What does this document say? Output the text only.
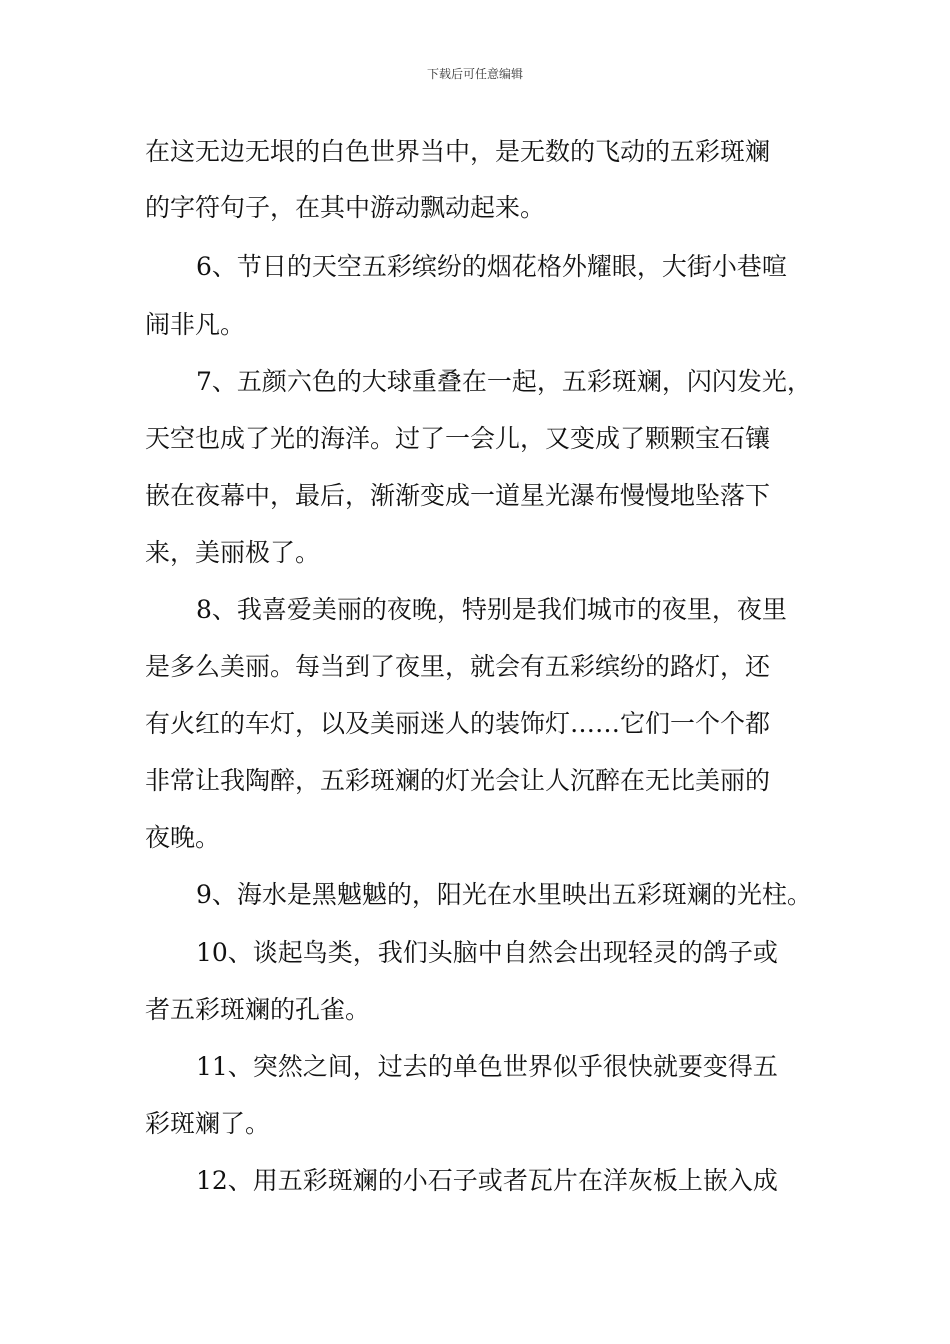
下载后可任意编辑
在这无边无垠的白色世界当中，是无数的飞动的五彩斑斓
的字符句子，在其中游动飘动起来。
6、节日的天空五彩缤纷的烟花格外耀眼，大街小巷喧
闹非凡。
7、五颜六色的大球重叠在一起，五彩斑斓，闪闪发光，
天空也成了光的海洋。过了一会儿，又变成了颗颗宝石镶
嵌在夜幕中，最后，渐渐变成一道星光瀑布慢慢地坠落下
来，美丽极了。
8、我喜爱美丽的夜晚，特别是我们城市的夜里，夜里
是多么美丽。每当到了夜里，就会有五彩缤纷的路灯，还
有火红的车灯，以及美丽迷人的装饰灯……它们一个个都
非常让我陶醉，五彩斑斓的灯光会让人沉醉在无比美丽的
夜晚。
9、海水是黑魆魆的，阳光在水里映出五彩斑斓的光柱。
10、谈起鸟类，我们头脑中自然会出现轻灵的鸽子或
者五彩斑斓的孔雀。
11、突然之间，过去的单色世界似乎很快就要变得五
彩斑斓了。
12、用五彩斑斓的小石子或者瓦片在洋灰板上嵌入成
